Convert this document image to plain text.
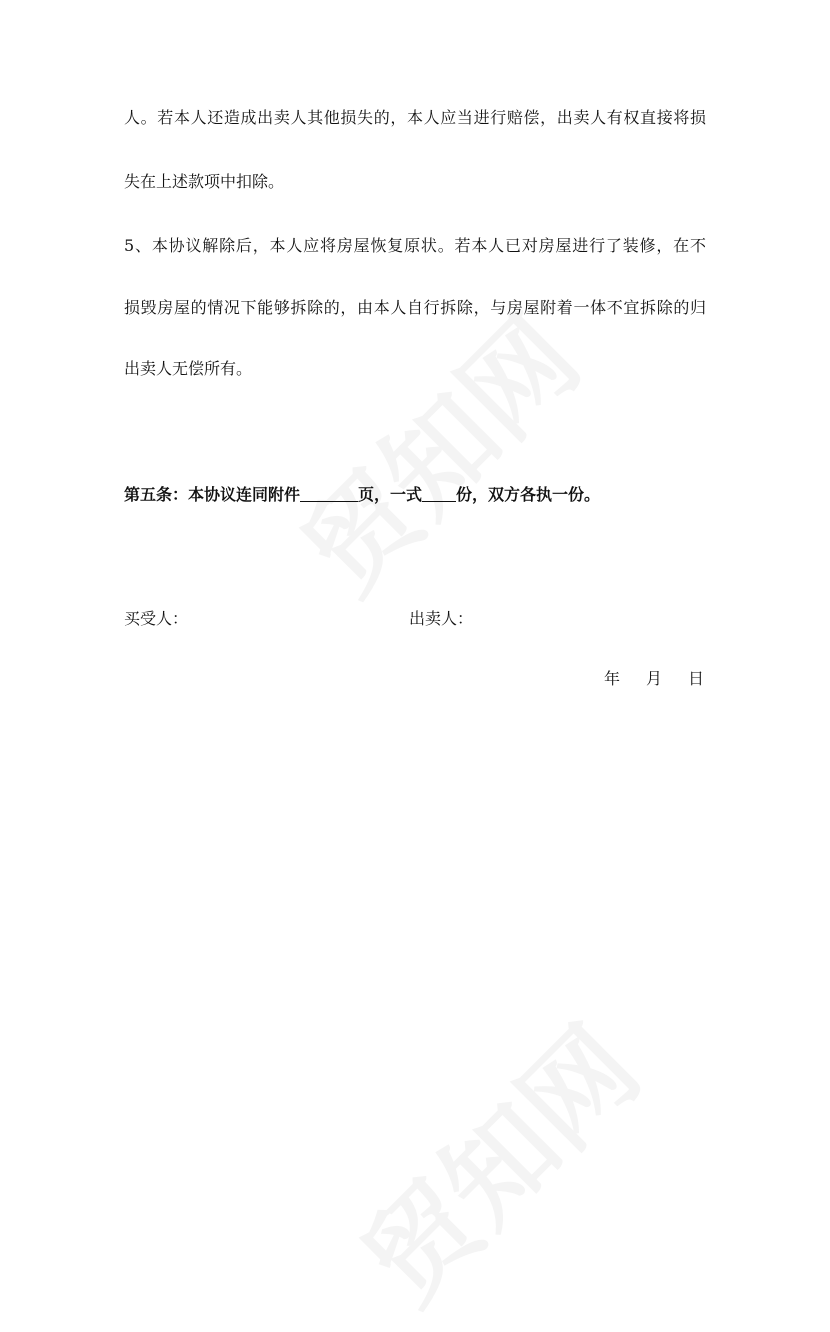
人。若本人还造成出卖人其他损失的，本人应当进行赔偿，出卖人有权直接将损
失在上述款项中扣除。
5、本协议解除后，本人应将房屋恢复原状。若本人已对房屋进行了装修，在不
损毁房屋的情况下能够拆除的，由本人自行拆除，与房屋附着一体不宜拆除的归
出卖人无偿所有。
第五条：本协议连同附件	页，一式 份，双方各执一份。
买受人：	出卖人：
年 月 日
